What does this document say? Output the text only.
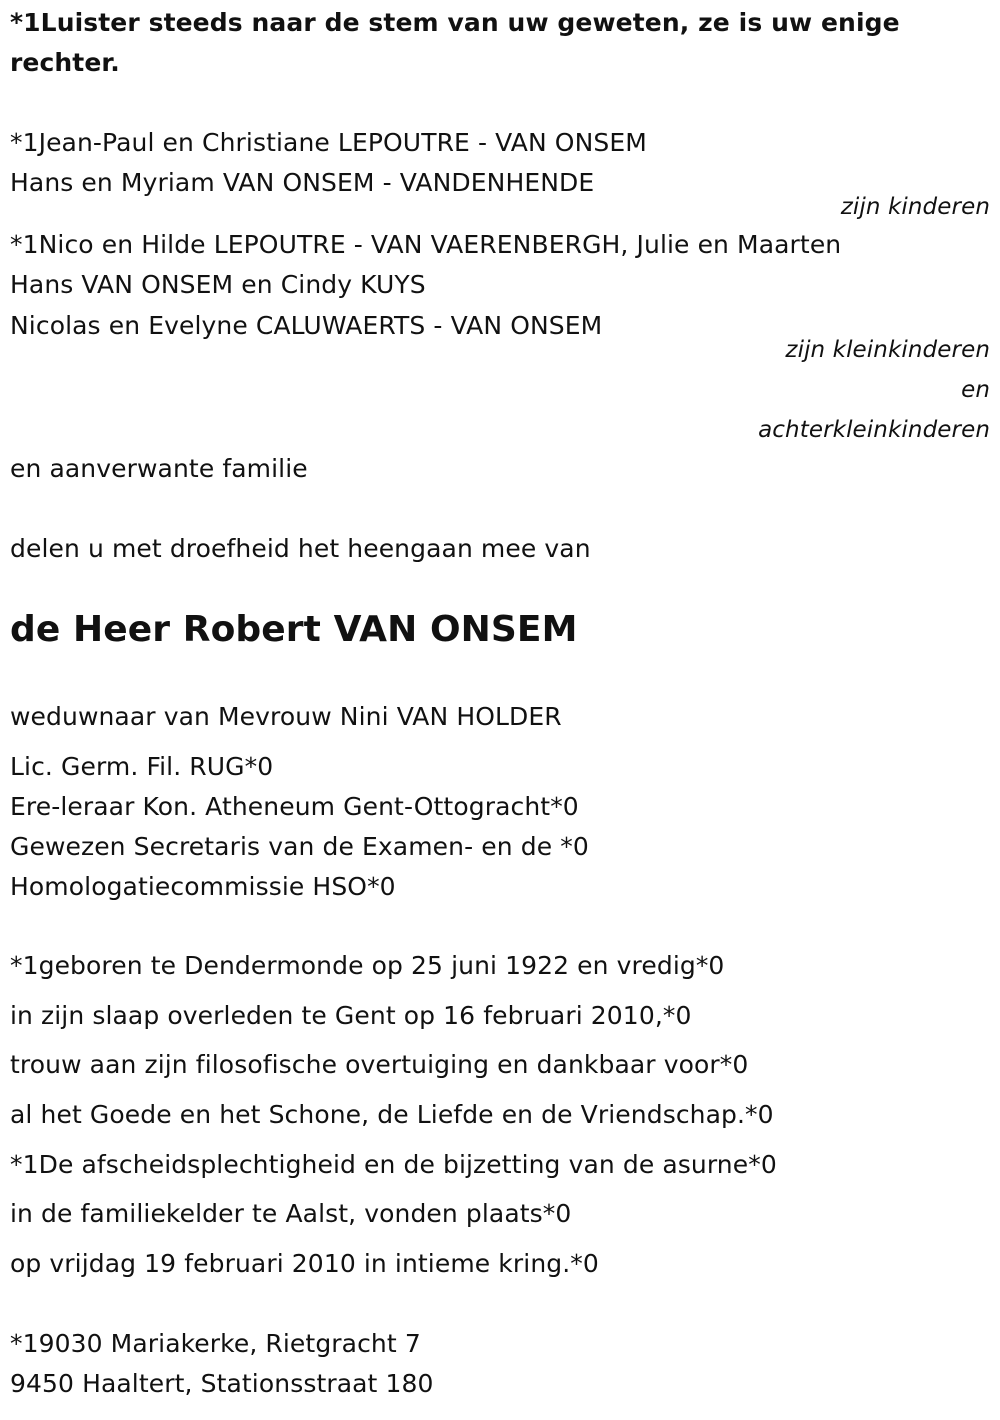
*1Luister steeds naar de stem van uw geweten, ze is uw enige

rechter.

*1Jean-Paul en Christiane LEPOUTRE - VAN ONSEM

Hans en Myriam VAN ONSEM - VANDENHENDE

zijn kinderen

*1Nico en Hilde LEPOUTRE - VAN VAERENBERGH, Julie en Maarten

Hans VAN ONSEM en Cindy KUYS

Nicolas en Evelyne CALUWAERTS - VAN ONSEM

zijn kleinkinderen

en

achterkleinkinderen

en aanverwante familie

delen u met droefheid het heengaan mee van

de Heer Robert VAN ONSEM

weduwnaar van Mevrouw Nini VAN HOLDER

Lic. Germ. Fil. RUG*0

Ere-leraar Kon. Atheneum Gent-Ottogracht*0

Gewezen Secretaris van de Examen- en de *0

Homologatiecommissie HSO*0

*1geboren te Dendermonde op 25 juni 1922 en vredig*0

in zijn slaap overleden te Gent op 16 februari 2010,*0

trouw aan zijn filosofische overtuiging en dankbaar voor*0

al het Goede en het Schone, de Liefde en de Vriendschap.*0

*1De afscheidsplechtigheid en de bijzetting van de asurne*0

in de familiekelder te Aalst, vonden plaats*0

op vrijdag 19 februari 2010 in intieme kring.*0

*19030 Mariakerke, Rietgracht 7

9450 Haaltert, Stationsstraat 180
